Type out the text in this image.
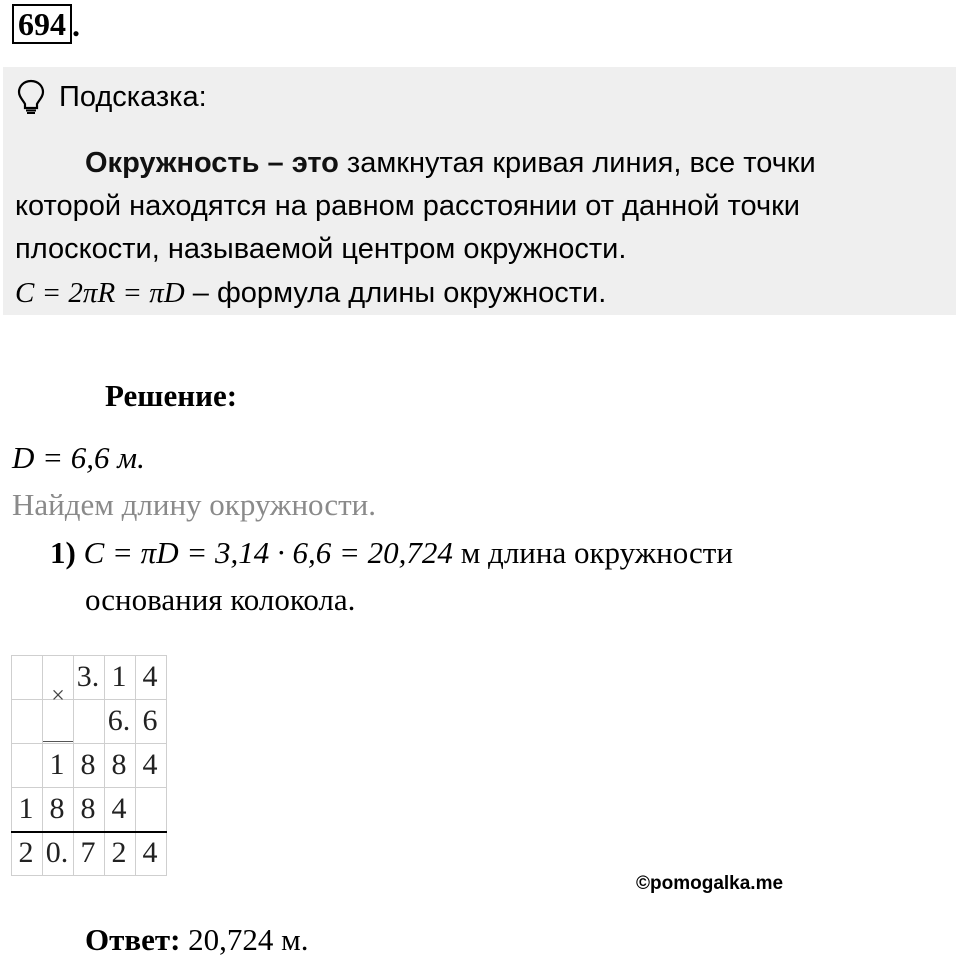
694 .
Подсказка:
Окружность – это замкнутая кривая линия, все точки
которой находятся на равном расстоянии от данной точки
плоскости, называемой центром окружности.
C = 2πR = πD – формула длины окружности.
Решение:
D = 6,6 м.
Найдем длину окружности.
1) C = πD = 3,14 · 6,6 = 20,724 м длина окружности
основания колокола.
×
3. 1 4
6. 6
1 8 8 4
1 8 8 4
2 0. 7 2 4
©pomogalka.me
Ответ: 20,724 м.
